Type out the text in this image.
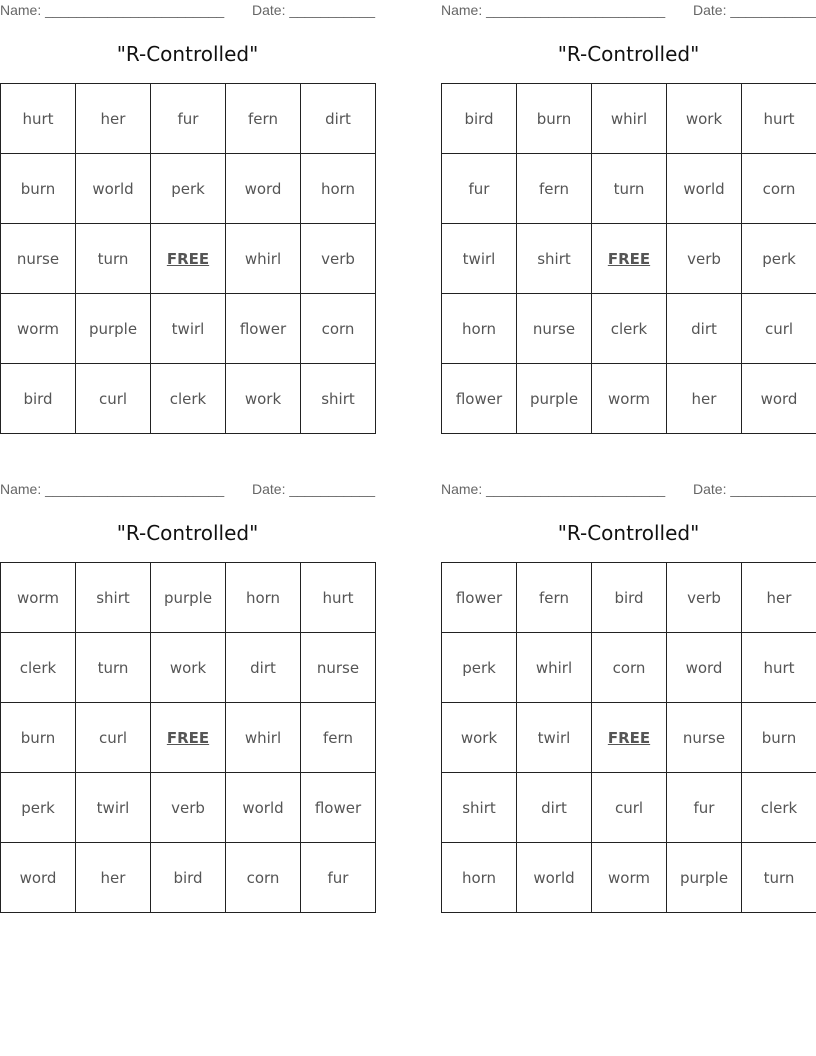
Name: _______________________ Date: ___________
"R-Controlled"
hurt	her	fur	fern	dirt
burn	world	perk	word	horn
nurse	turn	FREE	whirl	verb
worm	purple	twirl	flower	corn
bird	curl	clerk	work	shirt
Name: _______________________ Date: ___________
"R-Controlled"
bird	burn	whirl	work	hurt
fur	fern	turn	world	corn
twirl	shirt	FREE	verb	perk
horn	nurse	clerk	dirt	curl
flower	purple	worm	her	word
Name: _______________________ Date: ___________
"R-Controlled"
worm	shirt	purple	horn	hurt
clerk	turn	work	dirt	nurse
burn	curl	FREE	whirl	fern
perk	twirl	verb	world	flower
word	her	bird	corn	fur
Name: _______________________ Date: ___________
"R-Controlled"
flower	fern	bird	verb	her
perk	whirl	corn	word	hurt
work	twirl	FREE	nurse	burn
shirt	dirt	curl	fur	clerk
horn	world	worm	purple	turn
